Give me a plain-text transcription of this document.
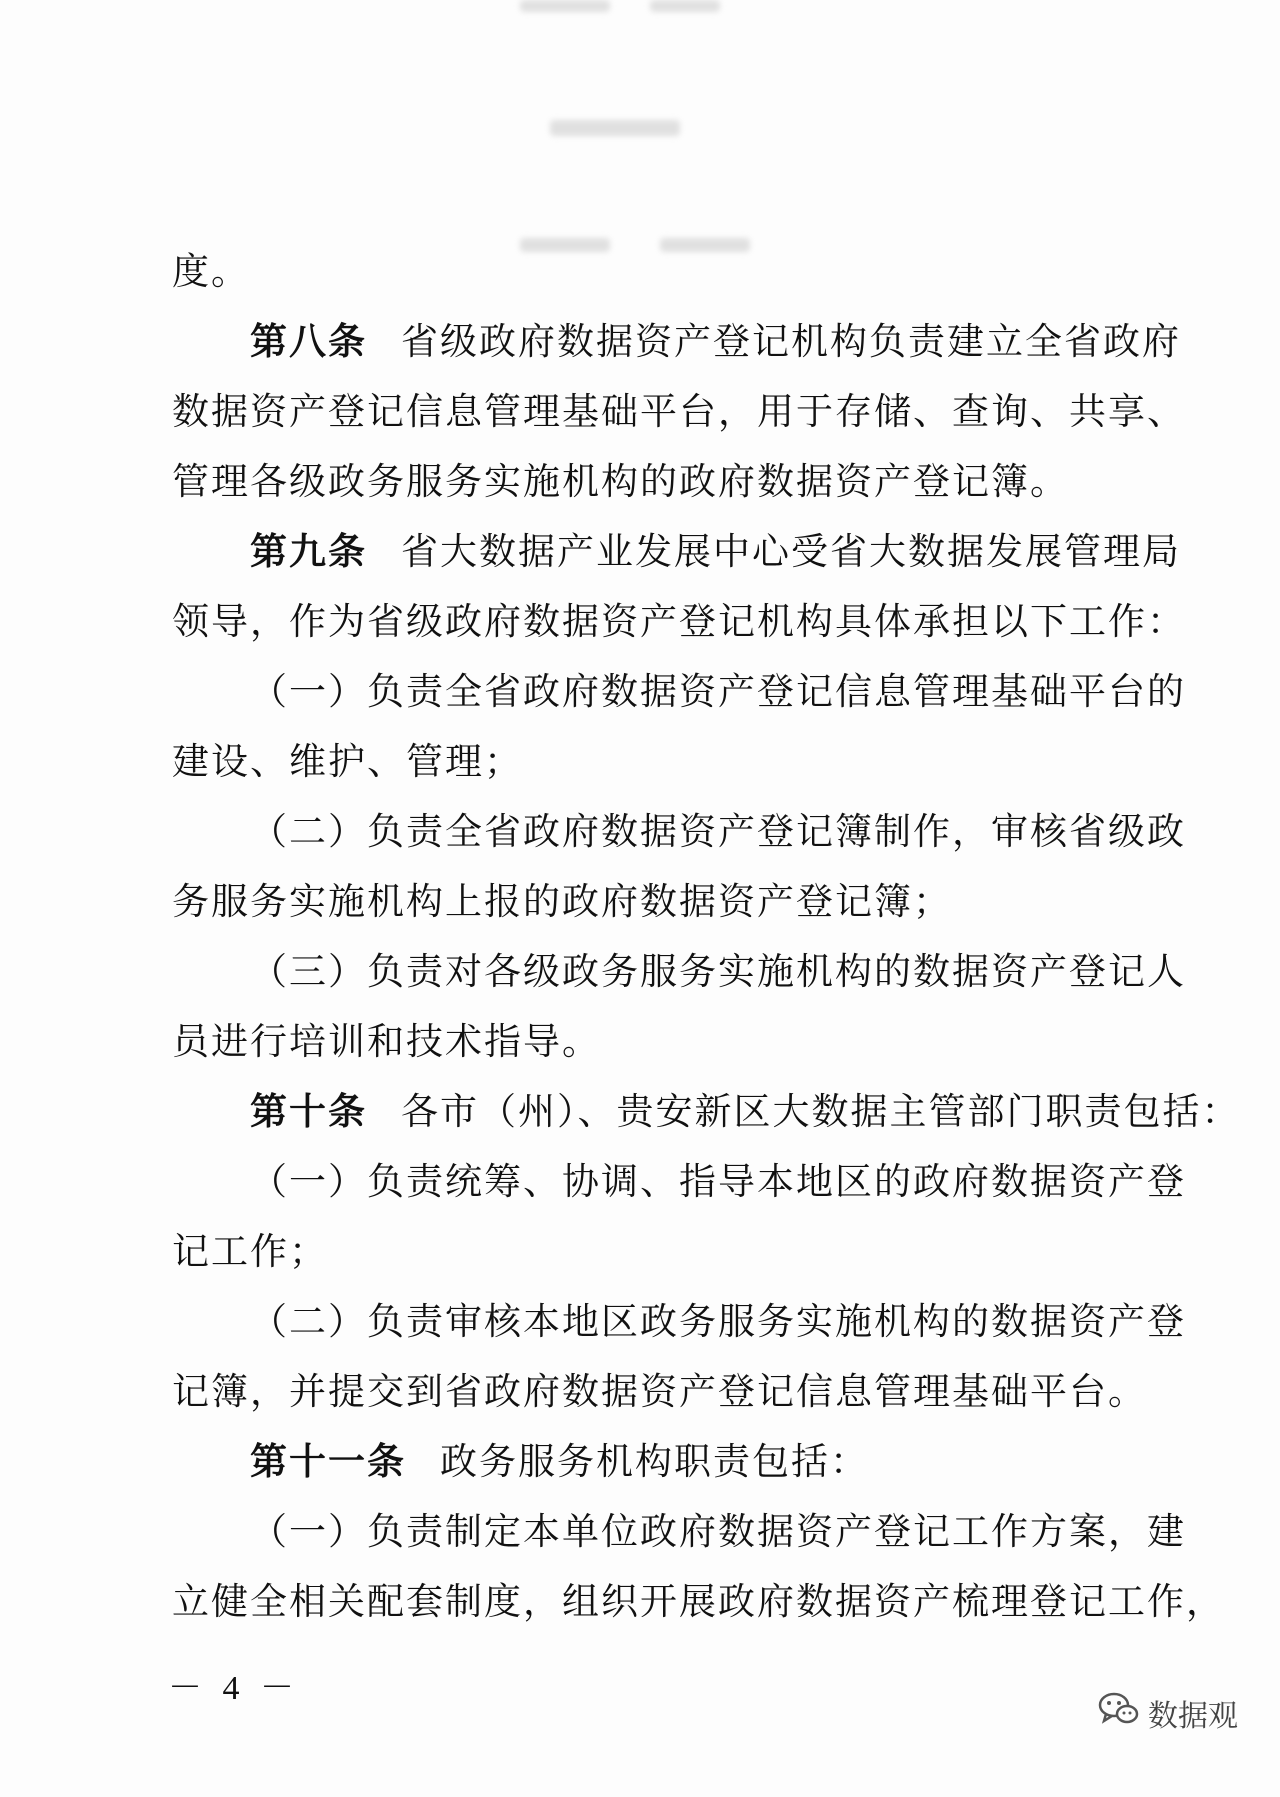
度。
第八条 省级政府数据资产登记机构负责建立全省政府
数据资产登记信息管理基础平台，用于存储、查询、共享、
管理各级政务服务实施机构的政府数据资产登记簿。
第九条 省大数据产业发展中心受省大数据发展管理局
领导，作为省级政府数据资产登记机构具体承担以下工作：
（一）负责全省政府数据资产登记信息管理基础平台的
建设、维护、管理；
（二）负责全省政府数据资产登记簿制作，审核省级政
务服务实施机构上报的政府数据资产登记簿；
（三）负责对各级政务服务实施机构的数据资产登记人
员进行培训和技术指导。
第十条 各市（州）、贵安新区大数据主管部门职责包括：
（一）负责统筹、协调、指导本地区的政府数据资产登
记工作；
（二）负责审核本地区政务服务实施机构的数据资产登
记簿，并提交到省政府数据资产登记信息管理基础平台。
第十一条 政务服务机构职责包括：
（一）负责制定本单位政府数据资产登记工作方案，建
立健全相关配套制度，组织开展政府数据资产梳理登记工作，
－ 4 －
数据观
